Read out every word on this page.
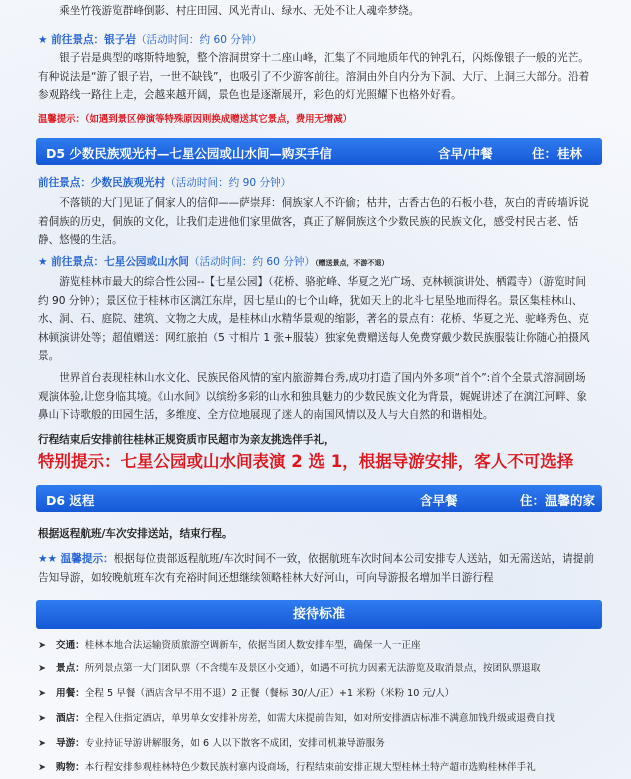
乘坐竹筏游览群峰倒影、村庄田园、风光青山、绿水、无处不让人魂牵梦绕。
★ 前往景点：银子岩（活动时间：约 60 分钟）
银子岩是典型的喀斯特地貌，整个溶洞贯穿十二座山峰，汇集了不同地质年代的钟乳石，闪烁像银子一般的光芒。有种说法是“游了银子岩，一世不缺钱”，也吸引了不少游客前往。溶洞由外自内分为下洞、大厅、上洞三大部分。沿着参观路线一路往上走，会越来越开阔，景色也是逐渐展开，彩色的灯光照耀下也格外好看。
温馨提示：（如遇到景区停演等特殊原因则换成赠送其它景点，费用无增减）
D5 少数民族观光村—七星公园或山水间—购买手信	含早/中餐	住：桂林
前往景点：少数民族观光村（活动时间：约 90 分钟）
不落锁的大门见证了侗家人的信仰——萨崇拜：侗族家人不许偷；枯井，古香古色的石板小巷，灰白的青砖墙诉说着侗族的历史，侗族的文化，让我们走进他们家里做客，真正了解侗族这个少数民族的民族文化，感受村民古老、恬静、悠慢的生活。
★ 前往景点：七星公园或山水间（活动时间：约 60 分钟）（赠送景点，不游不退）
游览桂林市最大的综合性公园--【七星公园】（花桥、骆驼峰、华夏之光广场、克林顿演讲处、栖霞寺）（游览时间约 90 分钟）；景区位于桂林市区漓江东岸，因七星山的七个山峰，犹如天上的北斗七星坠地而得名。景区集桂林山、水、洞、石、庭院、建筑、文物之大成，是桂林山水精华景观的缩影，著名的景点有：花桥、华夏之光、驼峰秀色、克林顿演讲处等；超值赠送：网红旅拍（5 寸相片 1 张+服装）独家免费赠送每人免费穿戴少数民族服装让你随心拍摄风景。
世界首台表现桂林山水文化、民族民俗风情的室内旅游舞台秀,成功打造了国内外多项“首个”:首个全景式溶洞剧场观演体验,让您身临其境。《山水间》以缤纷多彩的山水和独具魅力的少数民族文化为背景，娓娓讲述了在漓江河畔、象鼻山下诗歌般的田园生活，多维度、全方位地展现了迷人的南国风情以及人与大自然的和谐相处。
行程结束后安排前往桂林正规资质市民超市为亲友挑选伴手礼，
特别提示：七星公园或山水间表演 2 选 1，根据导游安排，客人不可选择
D6 返程	含早餐	住：温馨的家
根据返程航班/车次安排送站，结束行程。
★★ 温馨提示：根据每位贵部返程航班/车次时间不一致，依据航班车次时间本公司安排专人送站，如无需送站，请提前告知导游，如较晚航班车次有充裕时间还想继续领略桂林大好河山，可向导游报名增加半日游行程
接待标准
➤ 交通：桂林本地合法运输资质旅游空调新车，依据当团人数安排车型，确保一人一正座
➤ 景点：所列景点第一大门团队票（不含缆车及景区小交通），如遇不可抗力因素无法游览及取消景点，按团队票退取
➤ 用餐：全程 5 早餐（酒店含早不用不退）2 正餐（餐标 30/人/正）+1 米粉（米粉 10 元/人）
➤ 酒店：全程入住指定酒店，单男单女安排补房差，如需大床提前告知，如对所安排酒店标准不满意加钱升级或退费自找
➤ 导游：专业持证导游讲解服务，如 6 人以下散客不成团，安排司机兼导游服务
➤ 购物：本行程安排参观桂林特色少数民族村寨内设商场，行程结束前安排正规大型桂林土特产超市选购桂林伴手礼
